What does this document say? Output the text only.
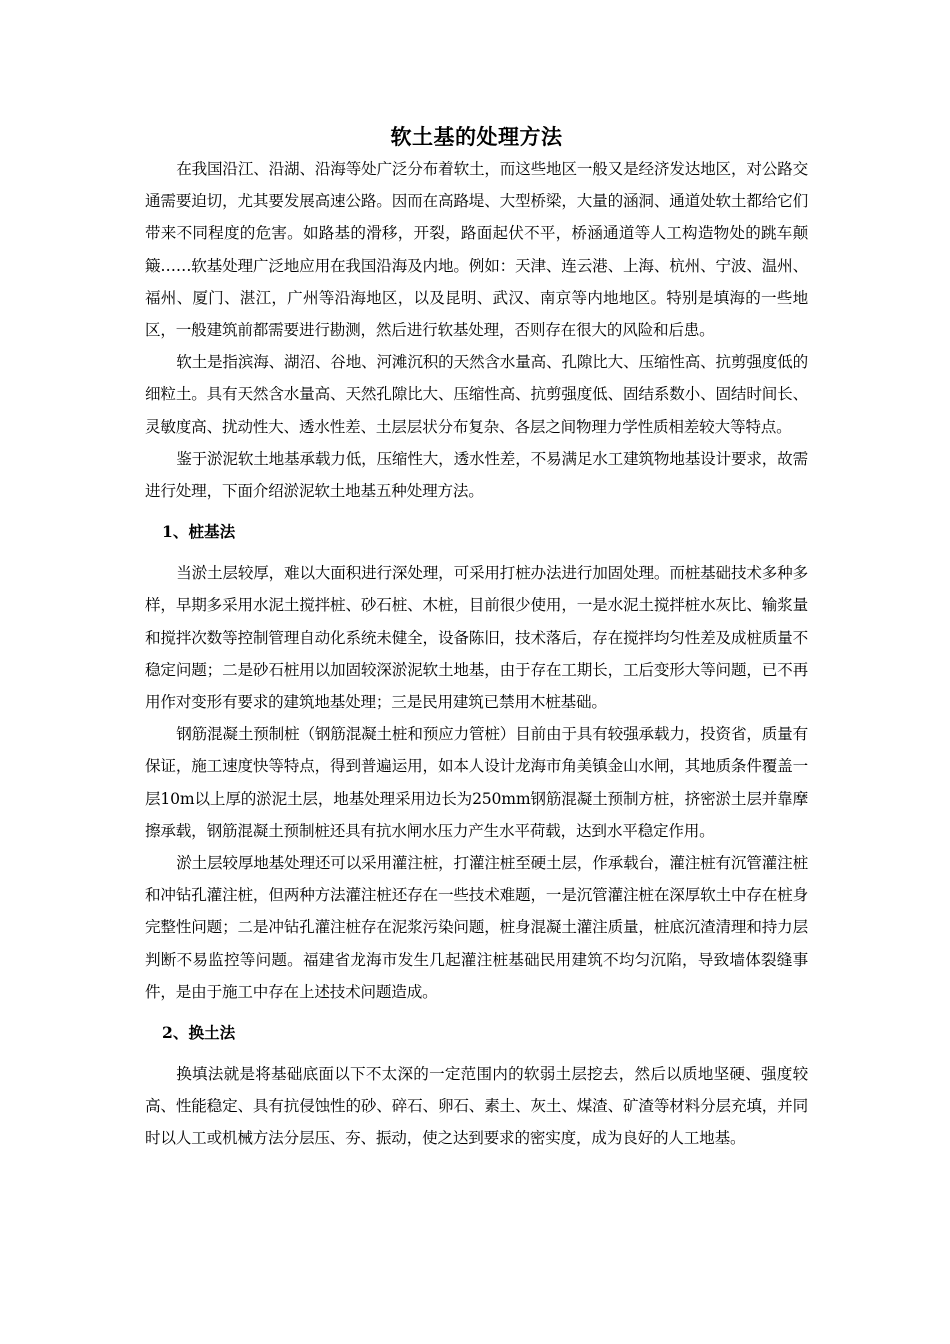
软土基的处理方法

在我国沿江、沿湖、沿海等处广泛分布着软土，而这些地区一般又是经济发达地区，对公路交通需要迫切，尤其要发展高速公路。因而在高路堤、大型桥梁，大量的涵洞、通道处软土都给它们带来不同程度的危害。如路基的滑移，开裂，路面起伏不平，桥涵通道等人工构造物处的跳车颠簸……软基处理广泛地应用在我国沿海及内地。例如：天津、连云港、上海、杭州、宁波、温州、福州、厦门、湛江，广州等沿海地区，以及昆明、武汉、南京等内地地区。特别是填海的一些地区，一般建筑前都需要进行勘测，然后进行软基处理，否则存在很大的风险和后患。

软土是指滨海、湖沼、谷地、河滩沉积的天然含水量高、孔隙比大、压缩性高、抗剪强度低的细粒土。具有天然含水量高、天然孔隙比大、压缩性高、抗剪强度低、固结系数小、固结时间长、灵敏度高、扰动性大、透水性差、土层层状分布复杂、各层之间物理力学性质相差较大等特点。

鉴于淤泥软土地基承载力低，压缩性大，透水性差，不易满足水工建筑物地基设计要求，故需进行处理，下面介绍淤泥软土地基五种处理方法。

1、桩基法

当淤土层较厚，难以大面积进行深处理，可采用打桩办法进行加固处理。而桩基础技术多种多样，早期多采用水泥土搅拌桩、砂石桩、木桩，目前很少使用，一是水泥土搅拌桩水灰比、输浆量和搅拌次数等控制管理自动化系统未健全，设备陈旧，技术落后，存在搅拌均匀性差及成桩质量不稳定问题；二是砂石桩用以加固较深淤泥软土地基，由于存在工期长，工后变形大等问题，已不再用作对变形有要求的建筑地基处理；三是民用建筑已禁用木桩基础。

钢筋混凝土预制桩（钢筋混凝土桩和预应力管桩）目前由于具有较强承载力，投资省，质量有保证，施工速度快等特点，得到普遍运用，如本人设计龙海市角美镇金山水闸，其地质条件覆盖一层10m以上厚的淤泥土层，地基处理采用边长为250mm钢筋混凝土预制方桩，挤密淤土层并靠摩擦承载，钢筋混凝土预制桩还具有抗水闸水压力产生水平荷载，达到水平稳定作用。

淤土层较厚地基处理还可以采用灌注桩，打灌注桩至硬土层，作承载台，灌注桩有沉管灌注桩和冲钻孔灌注桩，但两种方法灌注桩还存在一些技术难题，一是沉管灌注桩在深厚软土中存在桩身完整性问题；二是冲钻孔灌注桩存在泥浆污染问题，桩身混凝土灌注质量，桩底沉渣清理和持力层判断不易监控等问题。福建省龙海市发生几起灌注桩基础民用建筑不均匀沉陷，导致墙体裂缝事件，是由于施工中存在上述技术问题造成。

2、换土法

换填法就是将基础底面以下不太深的一定范围内的软弱土层挖去，然后以质地坚硬、强度较高、性能稳定、具有抗侵蚀性的砂、碎石、卵石、素土、灰土、煤渣、矿渣等材料分层充填，并同时以人工或机械方法分层压、夯、振动，使之达到要求的密实度，成为良好的人工地基。
